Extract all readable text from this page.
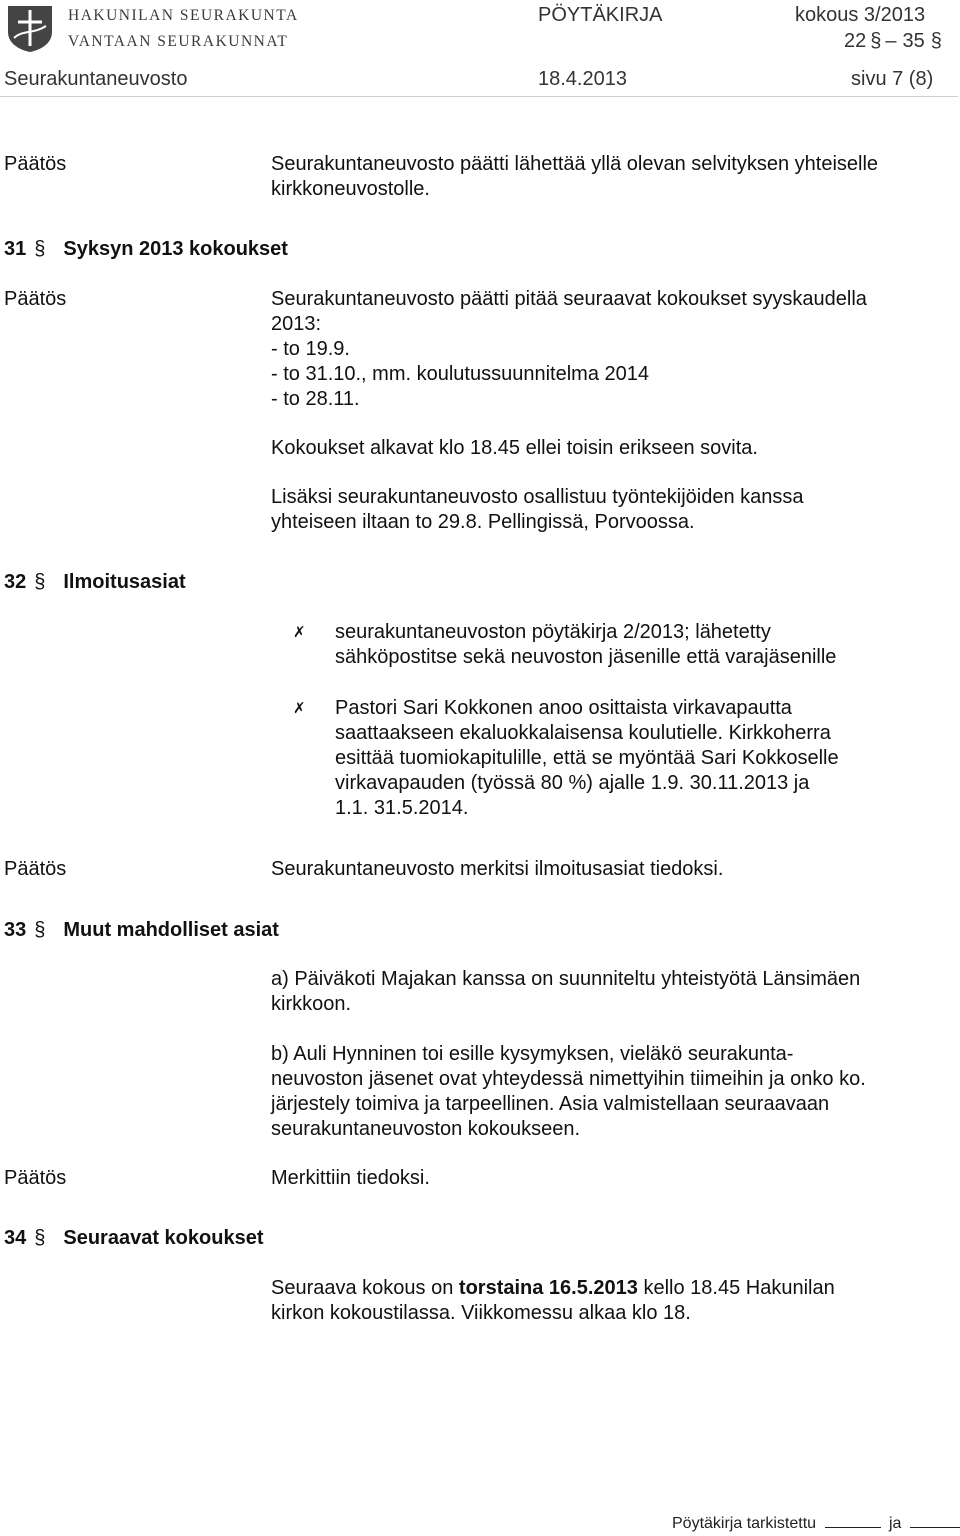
HAKUNILAN SEURAKUNTA
VANTAAN SEURAKUNNAT
PÖYTÄKIRJA	kokous 3/2013
22 § – 35 §
Seurakuntaneuvosto	18.4.2013	sivu 7 (8)
Päätös	Seurakuntaneuvosto päätti lähettää yllä olevan selvityksen yhteiselle
kirkkoneuvostolle.
31 § Syksyn 2013 kokoukset
Päätös	Seurakuntaneuvosto päätti pitää seuraavat kokoukset syyskaudella
2013:
- to 19.9.
- to 31.10., mm. koulutussuunnitelma 2014
- to 28.11.
Kokoukset alkavat klo 18.45 ellei toisin erikseen sovita.
Lisäksi seurakuntaneuvosto osallistuu työntekijöiden kanssa
yhteiseen iltaan to 29.8. Pellingissä, Porvoossa.
32 § Ilmoitusasiat
✗ seurakuntaneuvoston pöytäkirja 2/2013; lähetetty
sähköpostitse sekä neuvoston jäsenille että varajäsenille
✗ Pastori Sari Kokkonen anoo osittaista virkavapautta
saattaakseen ekaluokkalaisensa koulutielle. Kirkkoherra
esittää tuomiokapitulille, että se myöntää Sari Kokkoselle
virkavapauden (työssä 80 %) ajalle 1.9. 30.11.2013 ja
1.1. 31.5.2014.
Päätös	Seurakuntaneuvosto merkitsi ilmoitusasiat tiedoksi.
33 § Muut mahdolliset asiat
a) Päiväkoti Majakan kanssa on suunniteltu yhteistyötä Länsimäen
kirkkoon.
b) Auli Hynninen toi esille kysymyksen, vieläkö seurakunta-
neuvoston jäsenet ovat yhteydessä nimettyihin tiimeihin ja onko ko.
järjestely toimiva ja tarpeellinen. Asia valmistellaan seuraavaan
seurakuntaneuvoston kokoukseen.
Päätös	Merkittiin tiedoksi.
34 § Seuraavat kokoukset
Seuraava kokous on torstaina 16.5.2013 kello 18.45 Hakunilan
kirkon kokoustilassa. Viikkomessu alkaa klo 18.
Pöytäkirja tarkistettu	ja
